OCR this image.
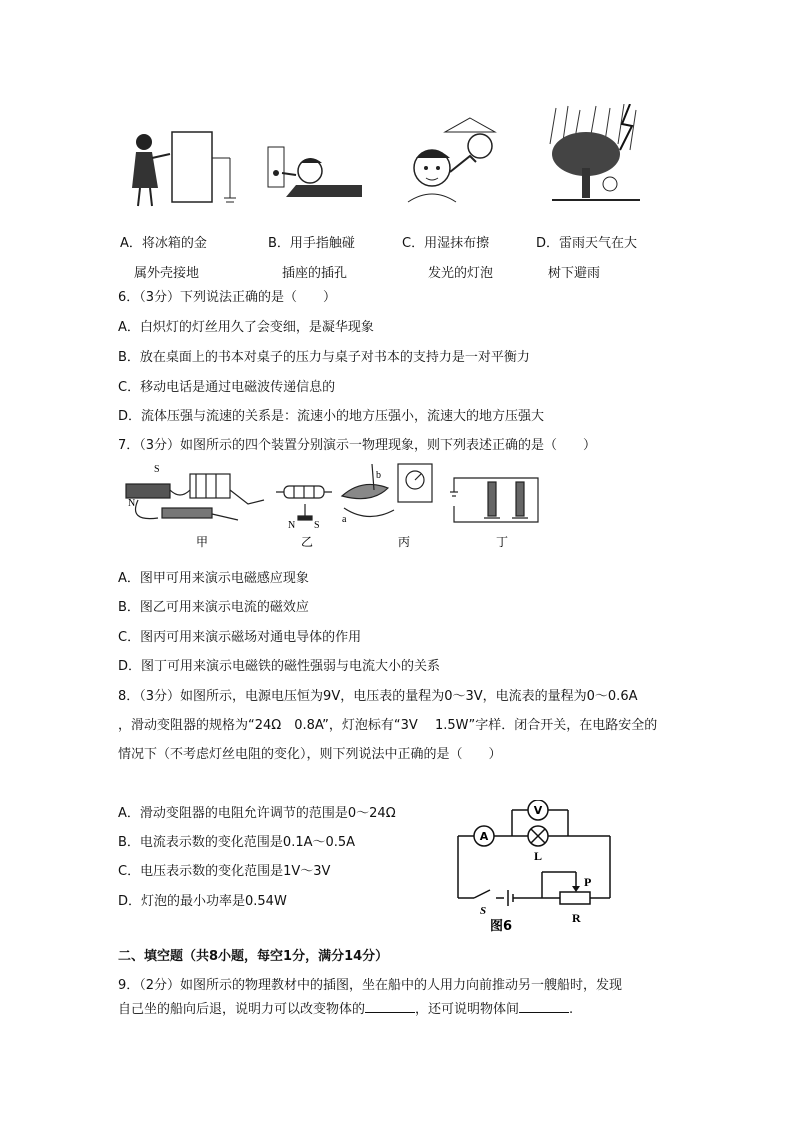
A．将冰箱的金
属外壳接地
B．用手指触碰
插座的插孔
C．用湿抹布擦
发光的灯泡
D．雷雨天气在大
树下避雨
6．（3分）下列说法正确的是（　　）
A．白炽灯的灯丝用久了会变细，是凝华现象
B．放在桌面上的书本对桌子的压力与桌子对书本的支持力是一对平衡力
C．移动电话是通过电磁波传递信息的
D．流体压强与流速的关系是：流速小的地方压强小，流速大的地方压强大
7．（3分）如图所示的四个装置分别演示一物理现象，则下列表述正确的是（　　）
S
N
N S
a
b
甲	乙	丙	丁
A．图甲可用来演示电磁感应现象
B．图乙可用来演示电流的磁效应
C．图丙可用来演示磁场对通电导体的作用
D．图丁可用来演示电磁铁的磁性强弱与电流大小的关系
8．（3分）如图所示，电源电压恒为9V，电压表的量程为0～3V，电流表的量程为0～0.6A
，滑动变阻器的规格为“24Ω　0.8A”，灯泡标有“3V　 1.5W”字样．闭合开关，在电路安全的
情况下（不考虑灯丝电阻的变化），则下列说法中正确的是（　　）
A．滑动变阻器的电阻允许调节的范围是0～24Ω
B．电流表示数的变化范围是0.1A～0.5A
C．电压表示数的变化范围是1V～3V
D．灯泡的最小功率是0.54W
A
V
L
P
R
S
图6
二、填空题（共8小题，每空1分，满分14分）
9．（2分）如图所示的物理教材中的插图，坐在船中的人用力向前推动另一艘船时，发现
自己坐的船向后退，说明力可以改变物体的	，还可说明物体间	.
